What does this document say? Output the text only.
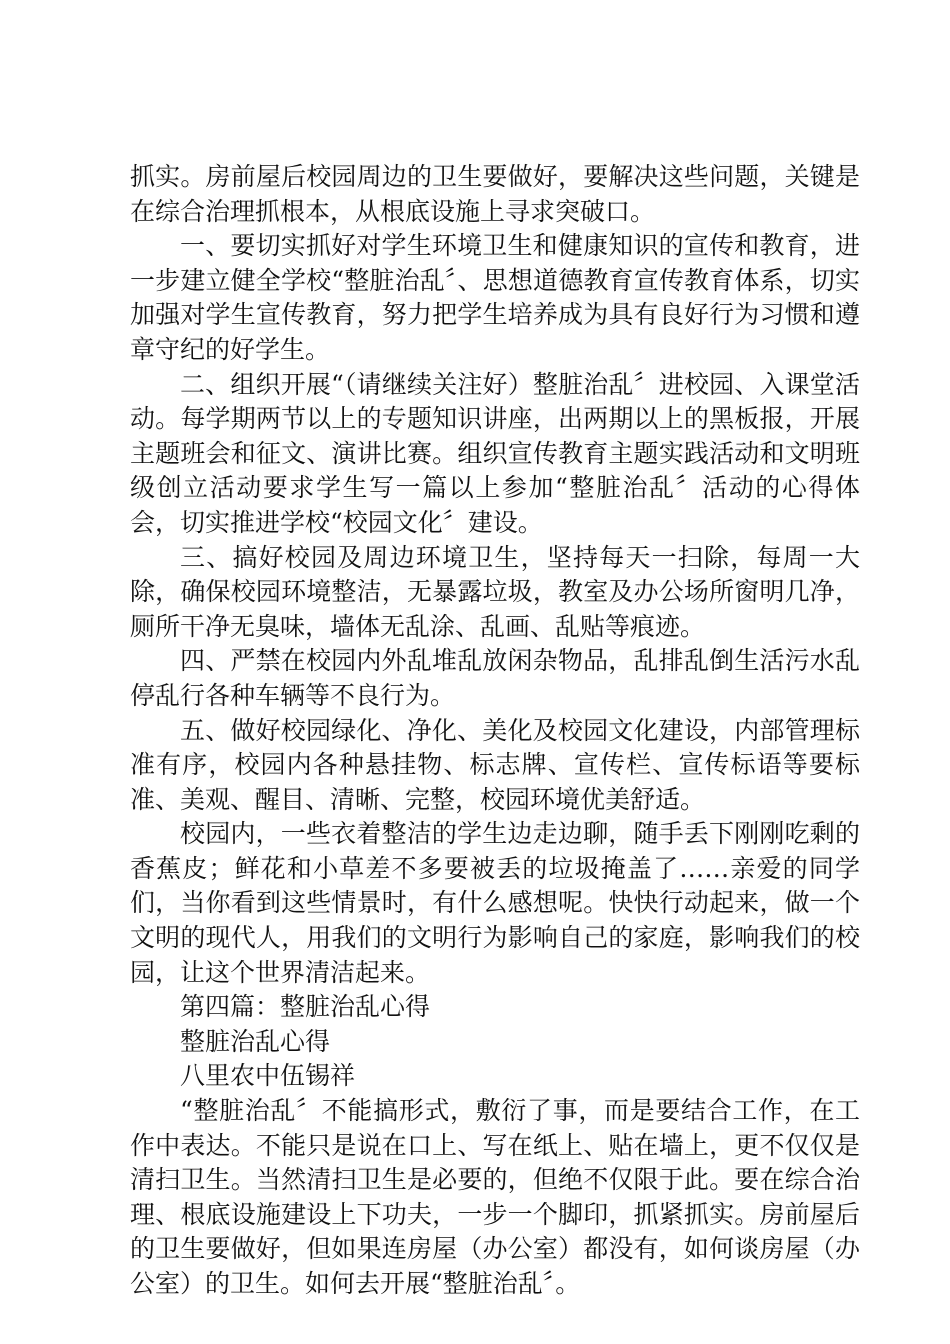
抓实。房前屋后校园周边的卫生要做好，要解决这些问题，关键是在综合治理抓根本，从根底设施上寻求突破口。

一、要切实抓好对学生环境卫生和健康知识的宣传和教育，进一步建立健全学校“整脏治乱〞、思想道德教育宣传教育体系，切实加强对学生宣传教育，努力把学生培养成为具有良好行为习惯和遵章守纪的好学生。

二、组织开展“（请继续关注好）整脏治乱〞进校园、入课堂活动。每学期两节以上的专题知识讲座，出两期以上的黑板报，开展主题班会和征文、演讲比赛。组织宣传教育主题实践活动和文明班级创立活动要求学生写一篇以上参加“整脏治乱〞活动的心得体会，切实推进学校“校园文化〞建设。

三、搞好校园及周边环境卫生，坚持每天一扫除，每周一大除，确保校园环境整洁，无暴露垃圾，教室及办公场所窗明几净，厕所干净无臭味，墙体无乱涂、乱画、乱贴等痕迹。

四、严禁在校园内外乱堆乱放闲杂物品，乱排乱倒生活污水乱停乱行各种车辆等不良行为。

五、做好校园绿化、净化、美化及校园文化建设，内部管理标准有序，校园内各种悬挂物、标志牌、宣传栏、宣传标语等要标准、美观、醒目、清晰、完整，校园环境优美舒适。

校园内，一些衣着整洁的学生边走边聊，随手丢下刚刚吃剩的香蕉皮；鲜花和小草差不多要被丢的垃圾掩盖了……亲爱的同学们，当你看到这些情景时，有什么感想呢。快快行动起来，做一个文明的现代人，用我们的文明行为影响自己的家庭，影响我们的校园，让这个世界清洁起来。

第四篇：整脏治乱心得

整脏治乱心得

八里农中伍锡祥

“整脏治乱〞不能搞形式，敷衍了事，而是要结合工作，在工作中表达。不能只是说在口上、写在纸上、贴在墙上，更不仅仅是清扫卫生。当然清扫卫生是必要的，但绝不仅限于此。要在综合治理、根底设施建设上下功夫，一步一个脚印，抓紧抓实。房前屋后的卫生要做好，但如果连房屋（办公室）都没有，如何谈房屋（办公室）的卫生。如何去开展“整脏治乱〞。
